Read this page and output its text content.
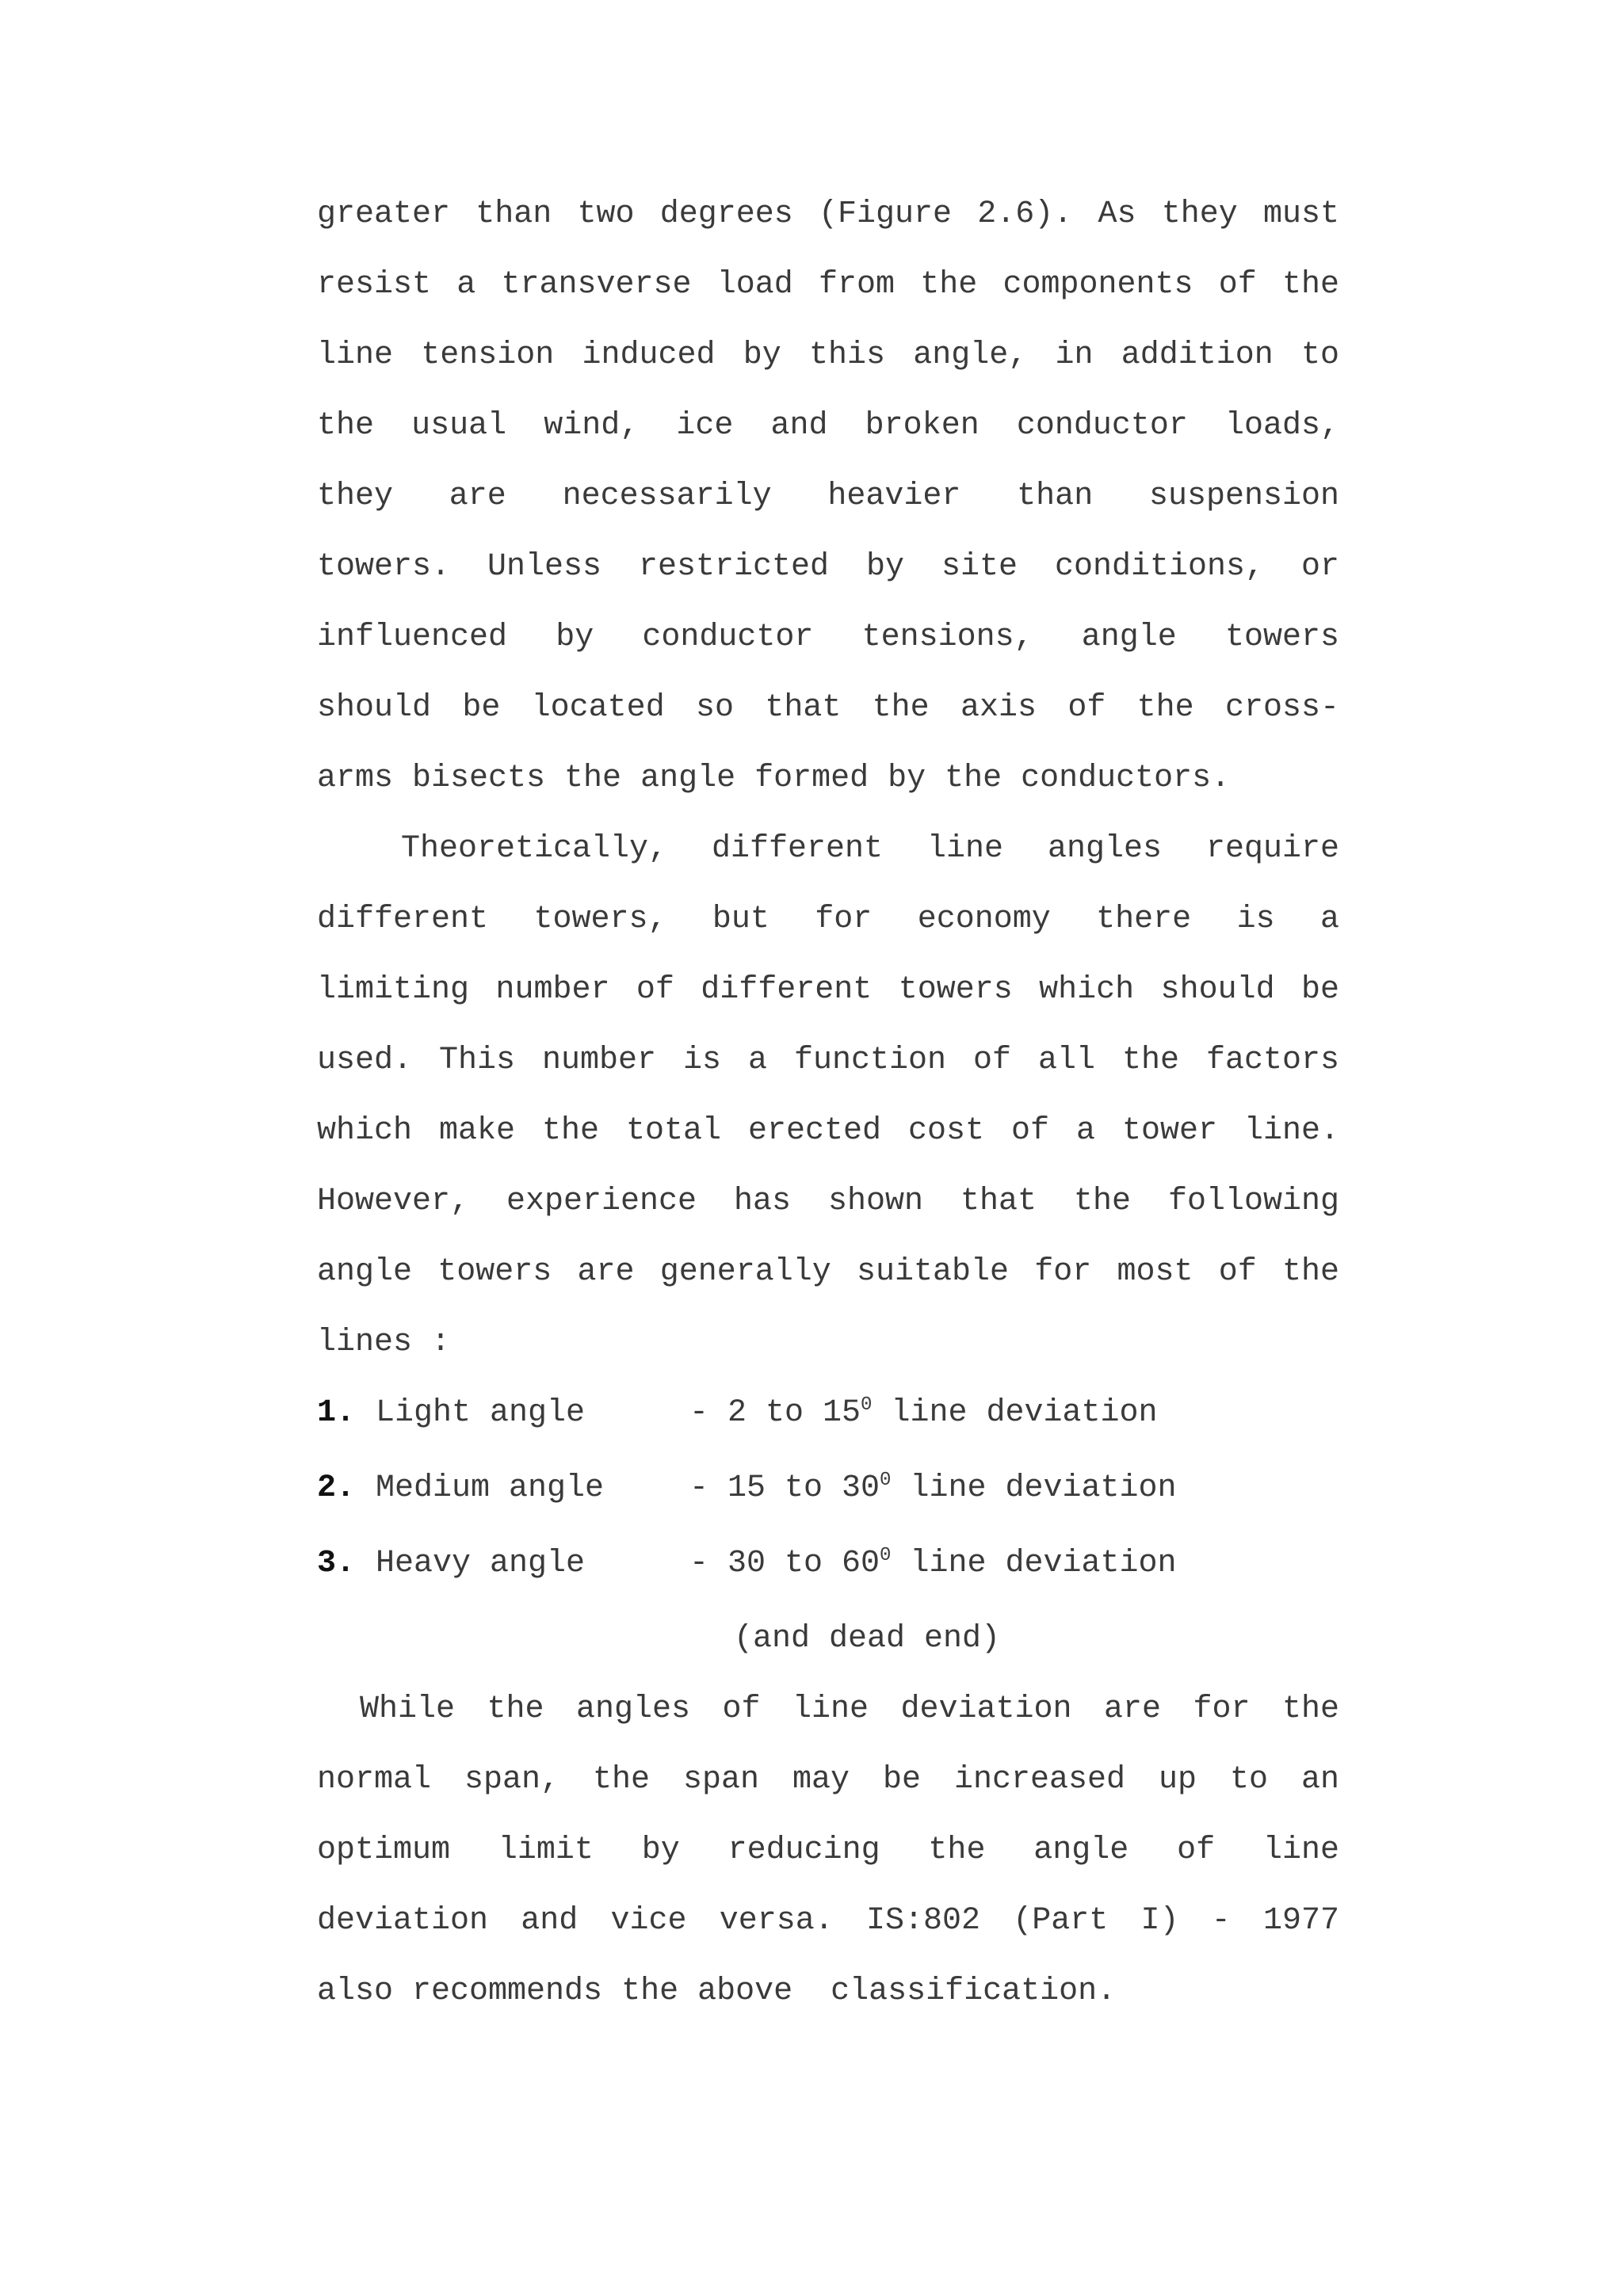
greater than two degrees (Figure 2.6). As they must
resist a transverse load from the components of the
line tension induced by this angle, in addition to
the usual wind, ice and broken conductor loads,
they are necessarily heavier than suspension
towers. Unless restricted by site conditions, or
influenced by conductor tensions, angle towers
should be located so that the axis of the cross-
arms bisects the angle formed by the conductors.
Theoretically, different line angles require
different towers, but for economy there is a
limiting number of different towers which should be
used. This number is a function of all the factors
which make the total erected cost of a tower line.
However, experience has shown that the following
angle towers are generally suitable for most of the
lines :
1. Light angle	- 2 to $15^0$ line deviation
2. Medium angle	- 15 to $30^0$ line deviation
3. Heavy angle	- 30 to $60^0$ line deviation
(and dead end)
While the angles of line deviation are for the
normal span, the span may be increased up to an
optimum limit by reducing the angle of line
deviation and vice versa. IS:802 (Part I) - 1977
also recommends the above  classification.
